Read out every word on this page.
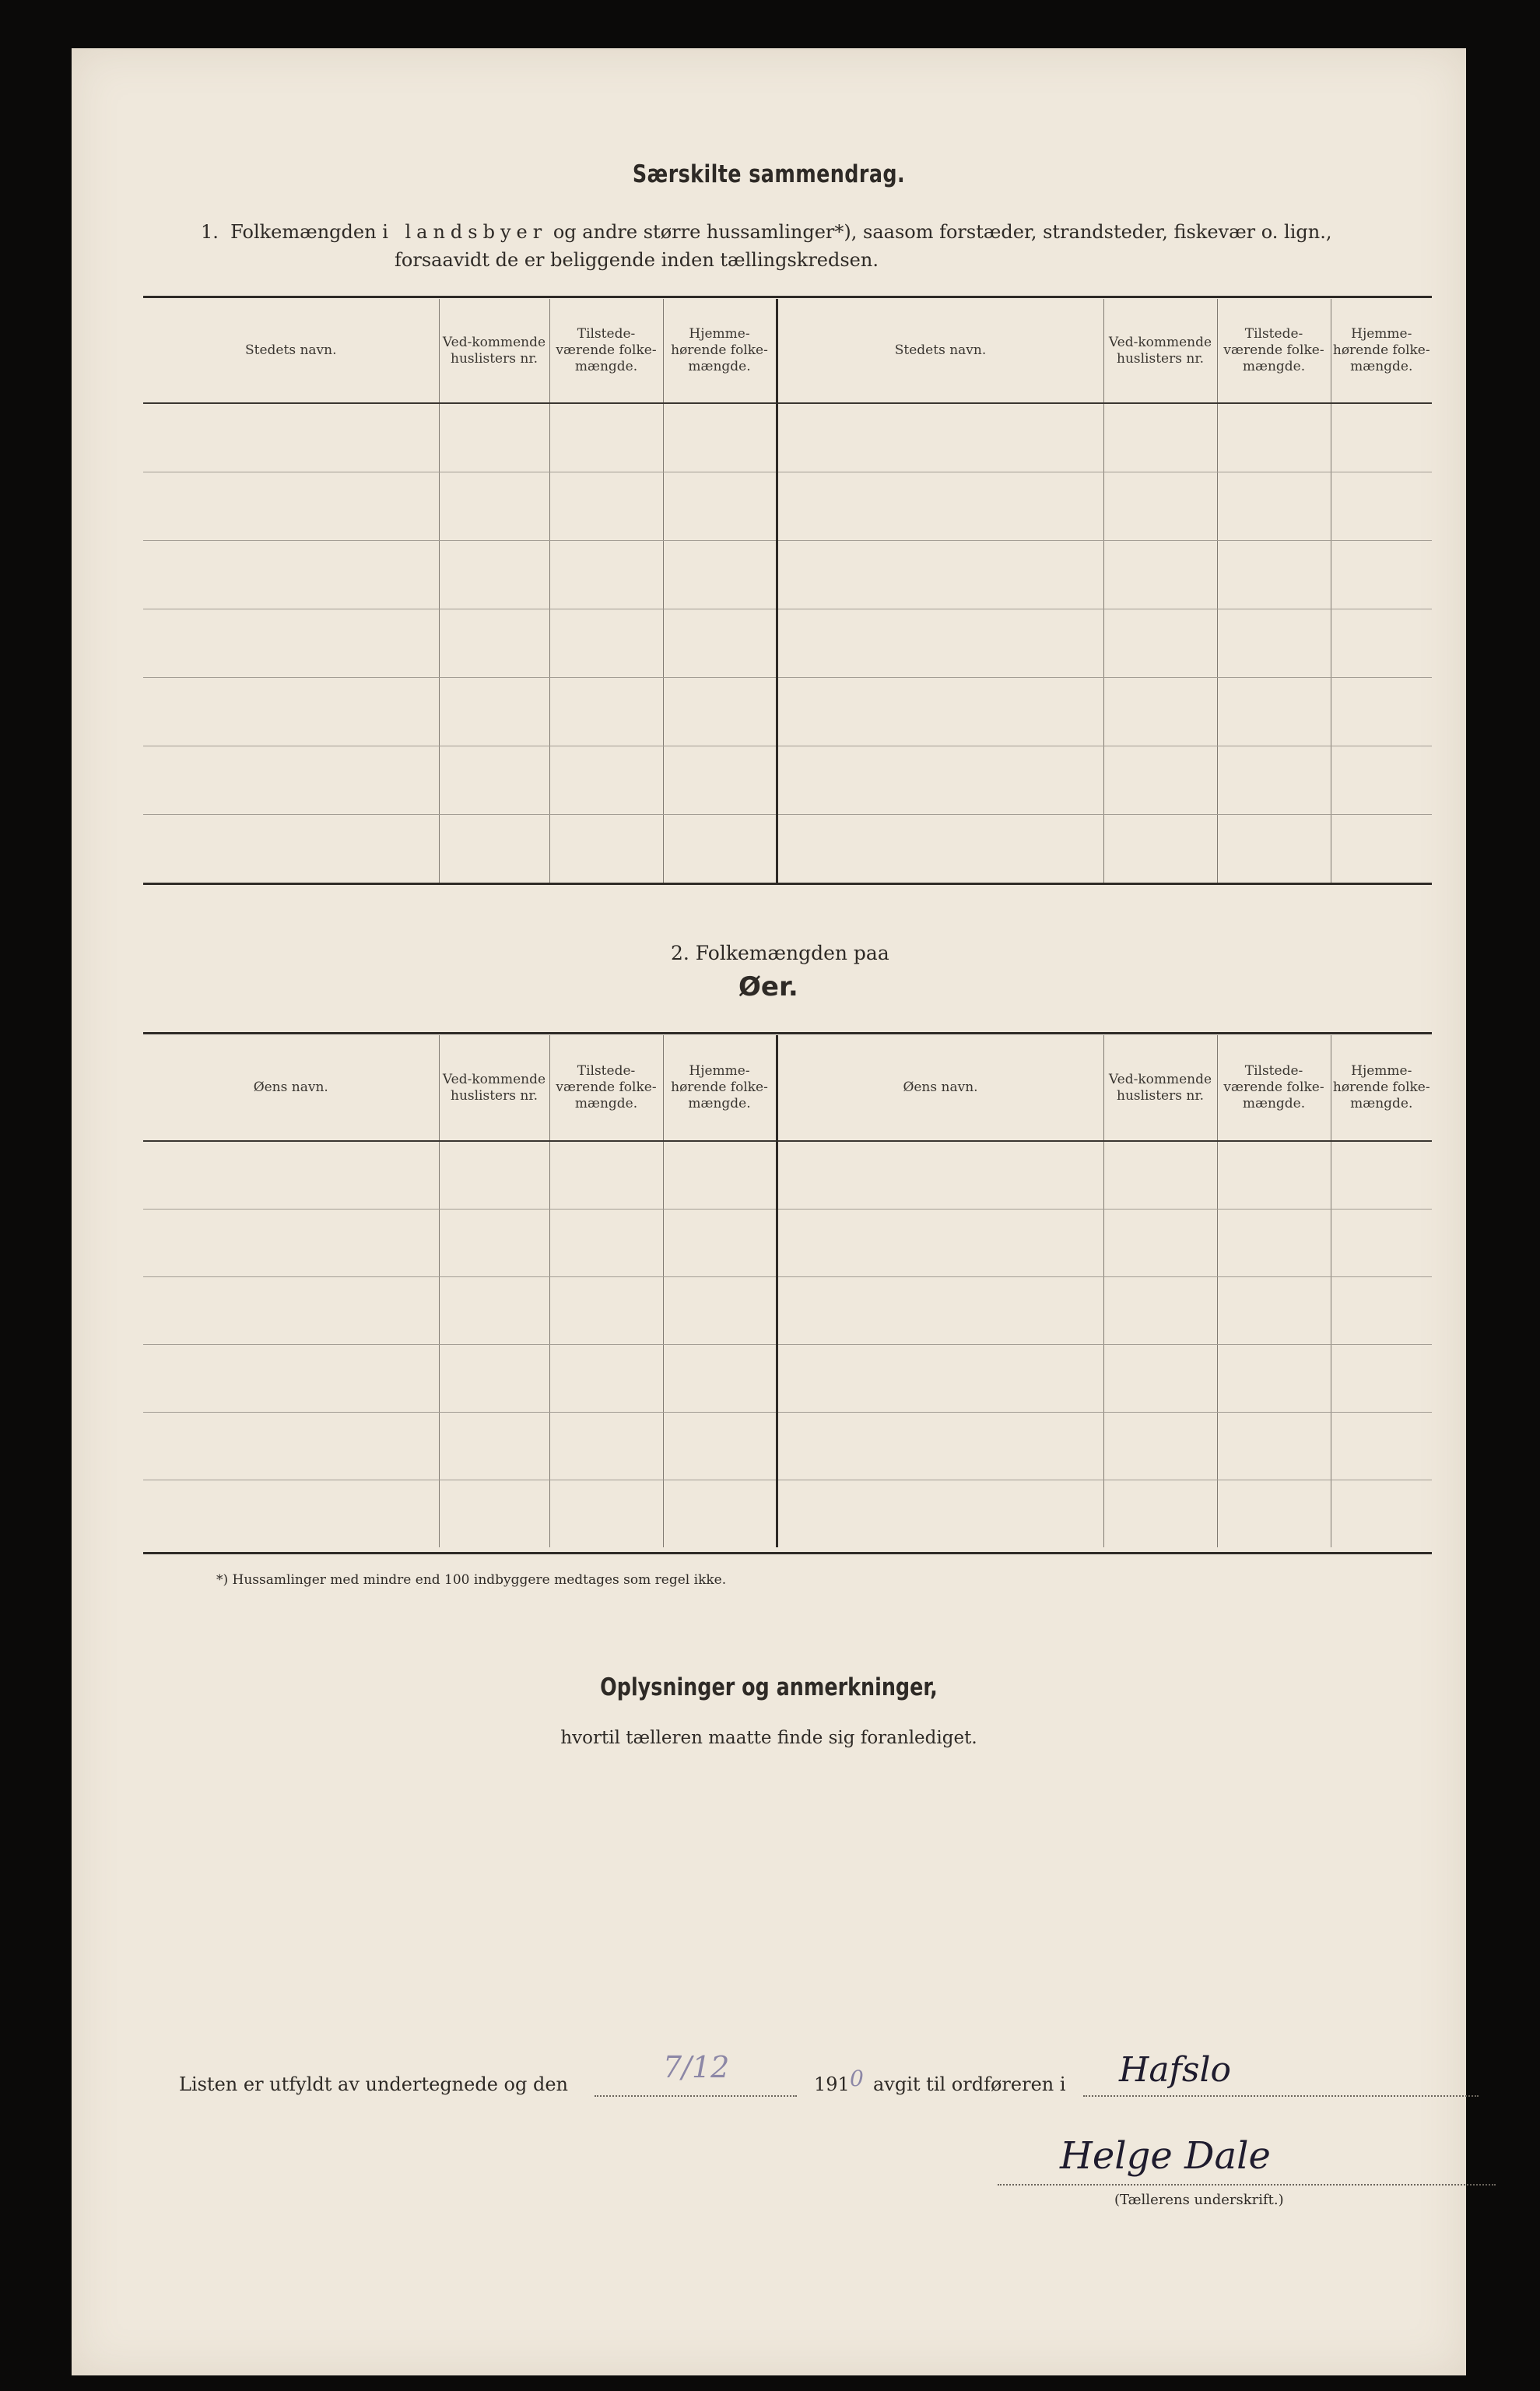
Særskilte sammendrag.
1. Folkemængden i landsbyer og andre større hussamlinger*), saasom forstæder, strandsteder, fiskevær o. lign.,
forsaavidt de er beliggende inden tællingskredsen.
Stedets navn.	Ved-kommende huslisters nr.	Tilstede-værende folke-mængde.	Hjemme-hørende folke-mængde.	Stedets navn.	Ved-kommende huslisters nr.	Tilstede-værende folke-mængde.	Hjemme-hørende folke-mængde.

2. Folkemængden paa
Øer.
Øens navn.	Ved-kommende huslisters nr.	Tilstede-værende folke-mængde.	Hjemme-hørende folke-mængde.	Øens navn.	Ved-kommende huslisters nr.	Tilstede-værende folke-mængde.	Hjemme-hørende folke-mængde.

*) Hussamlinger med mindre end 100 indbyggere medtages som regel ikke.
Oplysninger og anmerkninger,
hvortil tælleren maatte finde sig foranlediget.
Listen er utfyldt av undertegnede og den	7/12	191 0 avgit til ordføreren i Hafslo
Helge Dale
(Tællerens underskrift.)
